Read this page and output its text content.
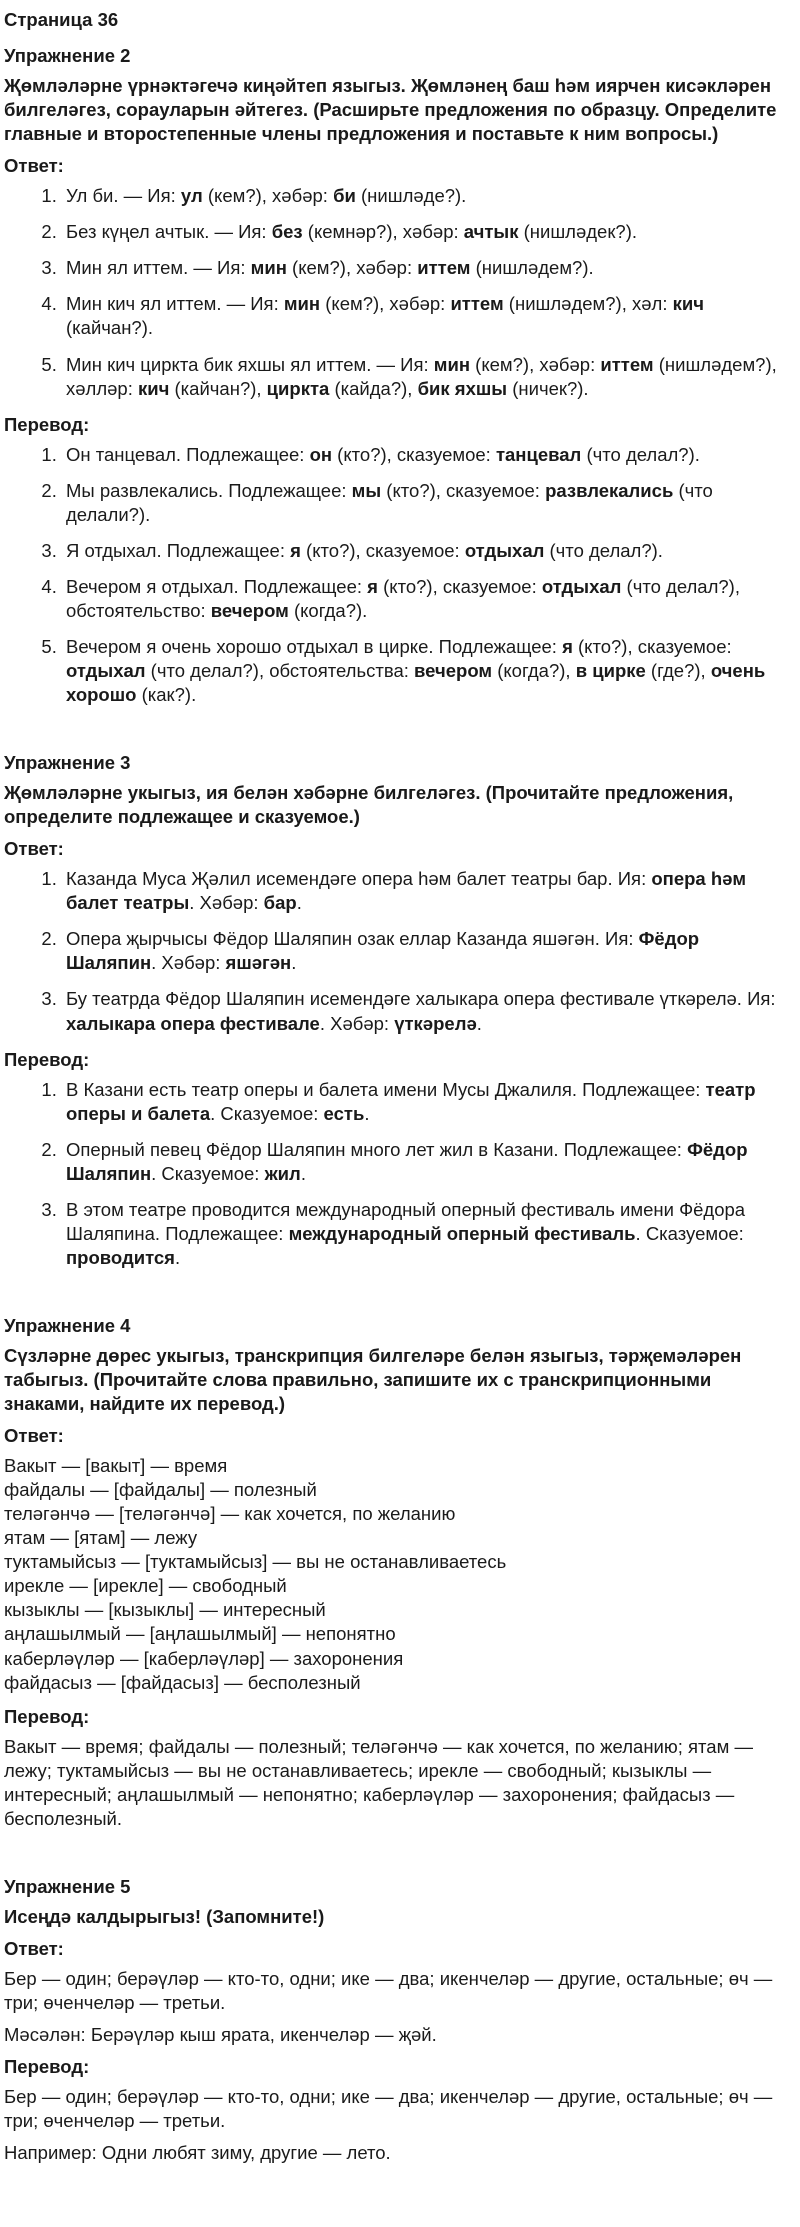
Страница 36
Упражнение 2
Җөмләләрне үрнәктәгечә киңәйтеп языгыз. Җөмләнең баш һәм иярчен кисәкләрен билгеләгез, сорауларын әйтегез. (Расширьте предложения по образцу. Определите главные и второстепенные члены предложения и поставьте к ним вопросы.)
Ответ:
1. Ул би. — Ия: ул (кем?), хәбәр: би (нишләде?).
2. Без күңел ачтык. — Ия: без (кемнәр?), хәбәр: ачтык (нишләдек?).
3. Мин ял иттем. — Ия: мин (кем?), хәбәр: иттем (нишләдем?).
4. Мин кич ял иттем. — Ия: мин (кем?), хәбәр: иттем (нишләдем?), хәл: кич (кайчан?).
5. Мин кич циркта бик яхшы ял иттем. — Ия: мин (кем?), хәбәр: иттем (нишләдем?), хәлләр: кич (кайчан?), циркта (кайда?), бик яхшы (ничек?).
Перевод:
1. Он танцевал. Подлежащее: он (кто?), сказуемое: танцевал (что делал?).
2. Мы развлекались. Подлежащее: мы (кто?), сказуемое: развлекались (что делали?).
3. Я отдыхал. Подлежащее: я (кто?), сказуемое: отдыхал (что делал?).
4. Вечером я отдыхал. Подлежащее: я (кто?), сказуемое: отдыхал (что делал?), обстоятельство: вечером (когда?).
5. Вечером я очень хорошо отдыхал в цирке. Подлежащее: я (кто?), сказуемое: отдыхал (что делал?), обстоятельства: вечером (когда?), в цирке (где?), очень хорошо (как?).
Упражнение 3
Җөмләләрне укыгыз, ия белән хәбәрне билгеләгез. (Прочитайте предложения, определите подлежащее и сказуемое.)
Ответ:
1. Казанда Муса Җәлил исемендәге опера һәм балет театры бар. Ия: опера һәм балет театры. Хәбәр: бар.
2. Опера җырчысы Фёдор Шаляпин озак еллар Казанда яшәгән. Ия: Фёдор Шаляпин. Хәбәр: яшәгән.
3. Бу театрда Фёдор Шаляпин исемендәге халыкара опера фестивале үткәрелә. Ия: халыкара опера фестивале. Хәбәр: үткәрелә.
Перевод:
1. В Казани есть театр оперы и балета имени Мусы Джалиля. Подлежащее: театр оперы и балета. Сказуемое: есть.
2. Оперный певец Фёдор Шаляпин много лет жил в Казани. Подлежащее: Фёдор Шаляпин. Сказуемое: жил.
3. В этом театре проводится международный оперный фестиваль имени Фёдора Шаляпина. Подлежащее: международный оперный фестиваль. Сказуемое: проводится.
Упражнение 4
Сүзләрне дөрес укыгыз, транскрипция билгеләре белән языгыз, тәрҗемәләрен табыгыз. (Прочитайте слова правильно, запишите их с транскрипционными знаками, найдите их перевод.)
Ответ:
Вакыт — [вакыт] — время
файдалы — [файдалы] — полезный
теләгәнчә — [теләгәнчә] — как хочется, по желанию
ятам — [ятам] — лежу
туктамыйсыз — [туктамыйсыз] — вы не останавливаетесь
ирекле — [ирекле] — свободный
кызыклы — [кызыклы] — интересный
аңлашылмый — [аңлашылмый] — непонятно
каберләүләр — [каберләүләр] — захоронения
файдасыз — [файдасыз] — бесполезный
Перевод:
Вакыт — время; файдалы — полезный; теләгәнчә — как хочется, по желанию; ятам — лежу; туктамыйсыз — вы не останавливаетесь; ирекле — свободный; кызыклы — интересный; аңлашылмый — непонятно; каберләүләр — захоронения; файдасыз — бесполезный.
Упражнение 5
Исеңдә калдырыгыз! (Запомните!)
Ответ:
Бер — один; берәүләр — кто-то, одни; ике — два; икенчеләр — другие, остальные; өч — три; өченчеләр — третьи.
Мәсәлән: Берәүләр кыш ярата, икенчеләр — җәй.
Перевод:
Бер — один; берәүләр — кто-то, одни; ике — два; икенчеләр — другие, остальные; өч — три; өченчеләр — третьи.
Например: Одни любят зиму, другие — лето.
